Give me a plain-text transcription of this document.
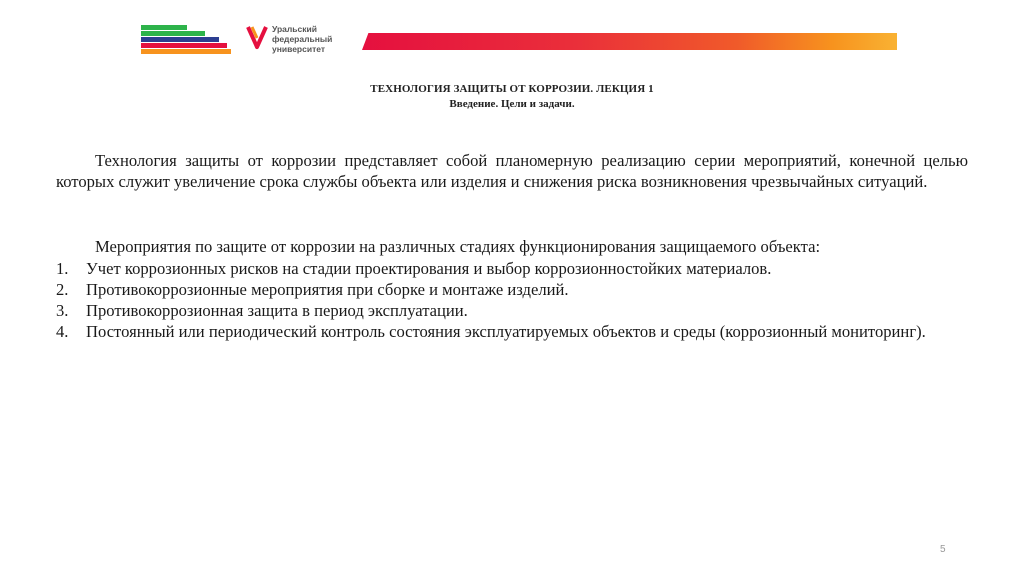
Уральский
федеральный
университет
ТЕХНОЛОГИЯ ЗАЩИТЫ ОТ КОРРОЗИИ. ЛЕКЦИЯ 1
Введение. Цели и задачи.
Технология защиты от коррозии представляет собой планомерную реализацию серии мероприятий, конечной целью которых служит увеличение срока службы объекта или изделия и снижения риска возникновения чрезвычайных ситуаций.
Мероприятия по защите от коррозии на различных стадиях функционирования защищаемого объекта:
1. Учет коррозионных рисков на стадии проектирования и выбор коррозионностойких материалов.
2. Противокоррозионные мероприятия при сборке и монтаже изделий.
3. Противокоррозионная защита в период эксплуатации.
4. Постоянный или периодический контроль состояния эксплуатируемых объектов и среды (коррозионный мониторинг).
5
